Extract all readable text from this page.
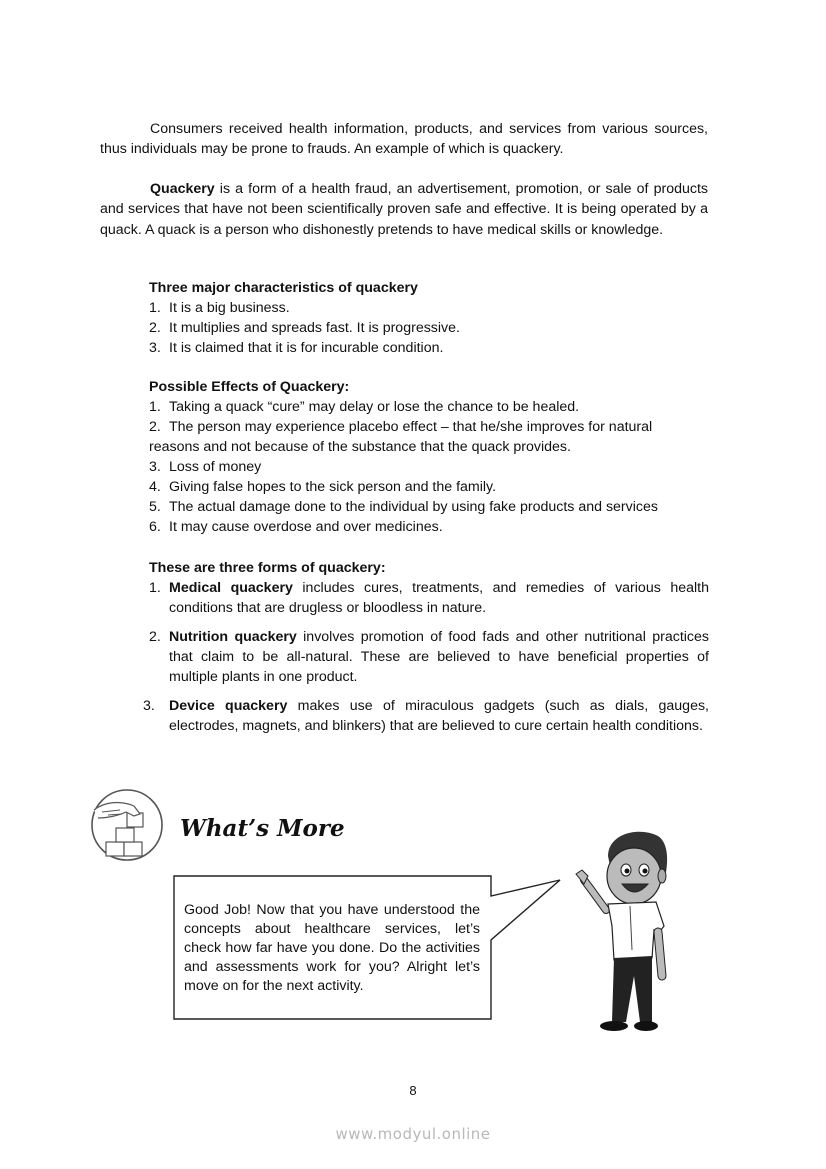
Consumers received health information, products, and services from various sources, thus individuals may be prone to frauds. An example of which is quackery.
Quackery is a form of a health fraud, an advertisement, promotion, or sale of products and services that have not been scientifically proven safe and effective. It is being operated by a quack. A quack is a person who dishonestly pretends to have medical skills or knowledge.
Three major characteristics of quackery
1. It is a big business.
2. It multiplies and spreads fast. It is progressive.
3. It is claimed that it is for incurable condition.
Possible Effects of Quackery:
1. Taking a quack “cure” may delay or lose the chance to be healed.
2. The person may experience placebo effect – that he/she improves for natural
reasons and not because of the substance that the quack provides.
3. Loss of money
4. Giving false hopes to the sick person and the family.
5. The actual damage done to the individual by using fake products and services
6. It may cause overdose and over medicines.
These are three forms of quackery:
1. Medical quackery includes cures, treatments, and remedies of various health conditions that are drugless or bloodless in nature.
2. Nutrition quackery involves promotion of food fads and other nutritional practices that claim to be all-natural. These are believed to have beneficial properties of multiple plants in one product.
3. Device quackery makes use of miraculous gadgets (such as dials, gauges, electrodes, magnets, and blinkers) that are believed to cure certain health conditions.
What’s More
Good Job! Now that you have understood the concepts about healthcare services, let’s check how far have you done. Do the activities and assessments work for you? Alright let’s move on for the next activity.
8
www.modyul.online
